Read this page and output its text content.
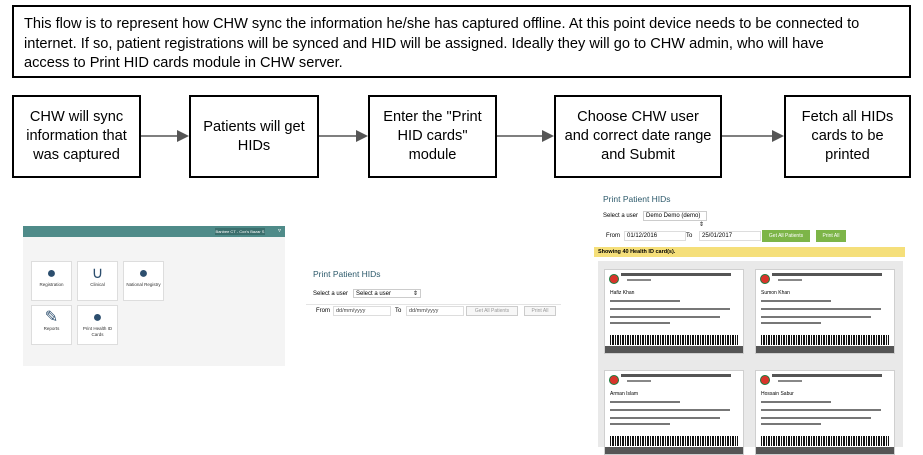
This flow is to represent how CHW sync the information he/she has captured offline. At this point device needs to be connected to
internet. If so, patient registrations will be synced and HID will be assigned. Ideally they will go to CHW admin, who will have
access to Print HID cards module in CHW server.
CHW will sync
information that
was captured
Patients will get
HIDs
Enter the "Print
HID cards"
module
Choose CHW user
and correct date range
and Submit
Fetch all HIDs
cards to be
printed
Banbee CT - Cox's Bazar S 1
▿
●
Registration
∪
Clinical
●
National Registry
✎
Reports
●
Print Health ID Cards
Print Patient HIDs
Select a user	Select a user	⇕
From	dd/mm/yyyy	To	dd/mm/yyyy	Get All Patients	Print All
Print Patient HIDs
Select a user	Demo Demo (demo)
⇕
From	01/12/2016	To	25/01/2017	Get All Patients	Print All
Showing 40 Health ID card(s).
Hafiz Khan	Sumon Khan
Arman Islam	Hossain Sabur
